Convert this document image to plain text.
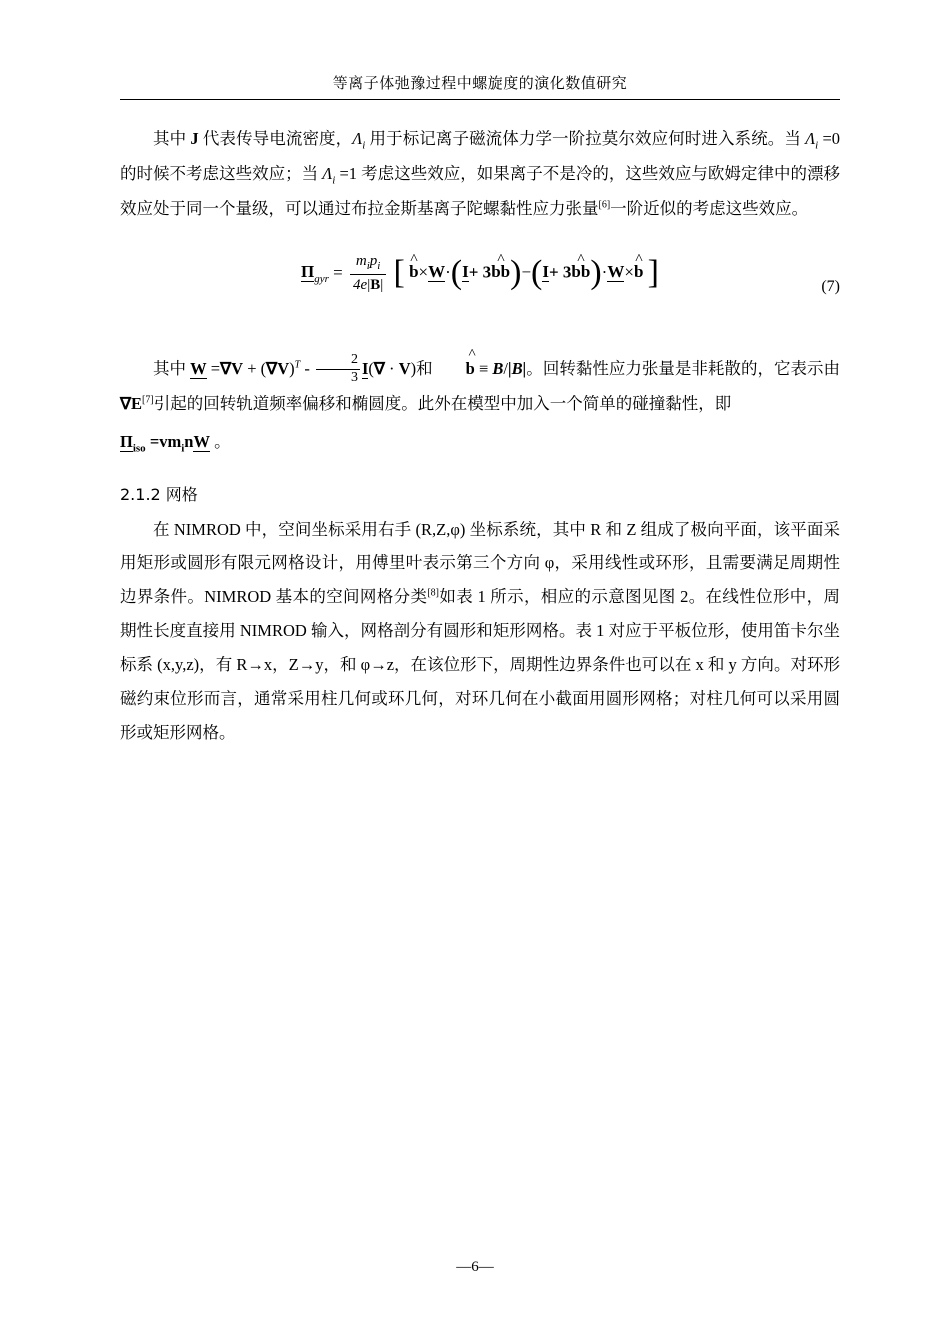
等离子体弛豫过程中螺旋度的演化数值研究

其中 J 代表传导电流密度，$\Lambda_i$ 用于标记离子磁流体力学一阶拉莫尔效应何时进入系统。当 $\Lambda_i =0$ 的时候不考虑这些效应；当 $\Lambda_i =1$ 考虑这些效应，如果离子不是冷的，这些效应与欧姆定律中的漂移效应处于同一个量级，可以通过布拉金斯基离子陀螺黏性应力张量[6]一阶近似的考虑这些效应。

$\Pi_{gyr} = \frac{m_ip_i}{4e|B|}$ [ ^ b×W·(I+ 3^ bb)−(I+ 3^ bb)·W×^ b ]	(7)

其中 $W =\nabla V + (\nabla V)^T - \frac{2}{3} I(\nabla \cdot V)$和 ^ b ≡ B/|B|。回转黏性应力张量是非耗散的，它表示由∇E[7]引起的回转轨道频率偏移和椭圆度。此外在模型中加入一个简单的碰撞黏性，即

$\Pi_{iso} =vm_inW$ 。

2.1.2 网格

在 NIMROD 中，空间坐标采用右手 (R,Z,φ) 坐标系统，其中 R 和 Z 组成了极向平面，该平面采用矩形或圆形有限元网格设计，用傅里叶表示第三个方向 φ，采用线性或环形，且需要满足周期性边界条件。NIMROD 基本的空间网格分类[8]如表 1 所示，相应的示意图见图 2。在线性位形中，周期性长度直接用 NIMROD 输入，网格剖分有圆形和矩形网格。表 1 对应于平板位形，使用笛卡尔坐标系 (x,y,z)，有 R→x，Z→y，和 φ→z，在该位形下，周期性边界条件也可以在 x 和 y 方向。对环形磁约束位形而言，通常采用柱几何或环几何，对环几何在小截面用圆形网格；对柱几何可以采用圆形或矩形网格。

—6—
